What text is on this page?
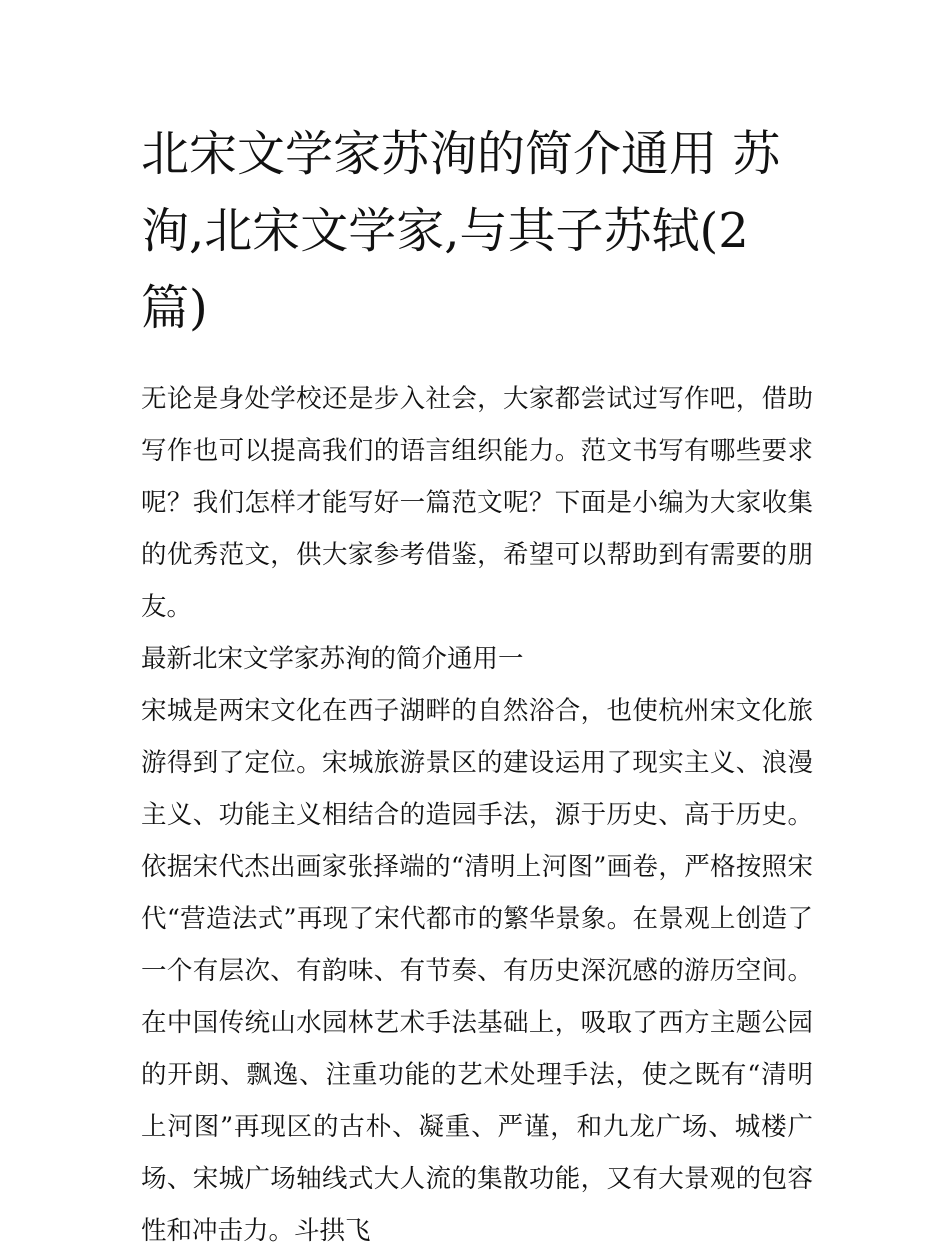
北宋文学家苏洵的简介通用 苏洵,北宋文学家,与其子苏轼(2篇)

无论是身处学校还是步入社会，大家都尝试过写作吧，借助写作也可以提高我们的语言组织能力。范文书写有哪些要求呢？我们怎样才能写好一篇范文呢？下面是小编为大家收集的优秀范文，供大家参考借鉴，希望可以帮助到有需要的朋友。

最新北宋文学家苏洵的简介通用一

宋城是两宋文化在西子湖畔的自然浴合，也使杭州宋文化旅游得到了定位。宋城旅游景区的建设运用了现实主义、浪漫主义、功能主义相结合的造园手法，源于历史、高于历史。依据宋代杰出画家张择端的“清明上河图”画卷，严格按照宋代“营造法式”再现了宋代都市的繁华景象。在景观上创造了一个有层次、有韵味、有节奏、有历史深沉感的游历空间。在中国传统山水园林艺术手法基础上，吸取了西方主题公园的开朗、飘逸、注重功能的艺术处理手法，使之既有“清明上河图”再现区的古朴、凝重、严谨，和九龙广场、城楼广场、宋城广场轴线式大人流的集散功能，又有大景观的包容性和冲击力。斗拱飞
